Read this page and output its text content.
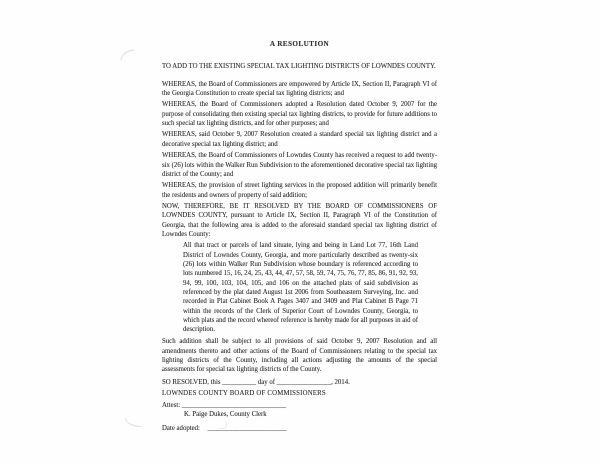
A RESOLUTION

TO ADD TO THE EXISTING SPECIAL TAX LIGHTING DISTRICTS OF LOWNDES COUNTY.

WHEREAS, the Board of Commissioners are empowered by Article IX, Section II, Paragraph VI of the Georgia Constitution to create special tax lighting districts; and

WHEREAS, the Board of Commissioners adopted a Resolution dated October 9, 2007 for the purpose of consolidating then existing special tax lighting districts, to provide for future additions to such special tax lighting districts, and for other purposes; and

WHEREAS, said October 9, 2007 Resolution created a standard special tax lighting district and a decorative special tax lighting district; and

WHEREAS, the Board of Commissioners of Lowndes County has received a request to add twenty-six (26) lots within the Walker Run Subdivision to the aforementioned decorative special tax lighting district of the County; and

WHEREAS, the provision of street lighting services in the proposed addition will primarily benefit the residents and owners of property of said addition;

NOW, THEREFORE, BE IT RESOLVED BY THE BOARD OF COMMISSIONERS OF LOWNDES COUNTY, pursuant to Article IX, Section II, Paragraph VI of the Constitution of Georgia, that the following area is added to the aforesaid standard special tax lighting district of Lowndes County:

All that tract or parcels of land situate, lying and being in Land Lot 77, 16th Land District of Lowndes County, Georgia, and more particularly described as twenty-six (26) lots within Walker Run Subdivision whose boundary is referenced according to lots numbered 15, 16, 24, 25, 43, 44, 47, 57, 58, 59, 74, 75, 76, 77, 85, 86, 91, 92, 93, 94, 99, 100, 103, 104, 105, and 106 on the attached plats of said subdivision as referenced by the plat dated August 1st 2006 from Southeastern Surveying, Inc. and recorded in Plat Cabinet Book A Pages 3407 and 3409 and Plat Cabinet B Page 71 within the records of the Clerk of Superior Court of Lowndes County, Georgia, to which plats and the record whereof reference is hereby made for all purposes in aid of description.

Such addition shall be subject to all provisions of said October 9, 2007 Resolution and all amendments thereto and other actions of the Board of Commissioners relating to the special tax lighting districts of the County, including all actions adjusting the amounts of the special assessments for special tax lighting districts of the County.

SO RESOLVED, this __________ day of ________________, 2014.

LOWNDES COUNTY BOARD OF COMMISSIONERS

Attest: _____________________________
K. Paige Dukes, County Clerk
Date adopted: ______________________
